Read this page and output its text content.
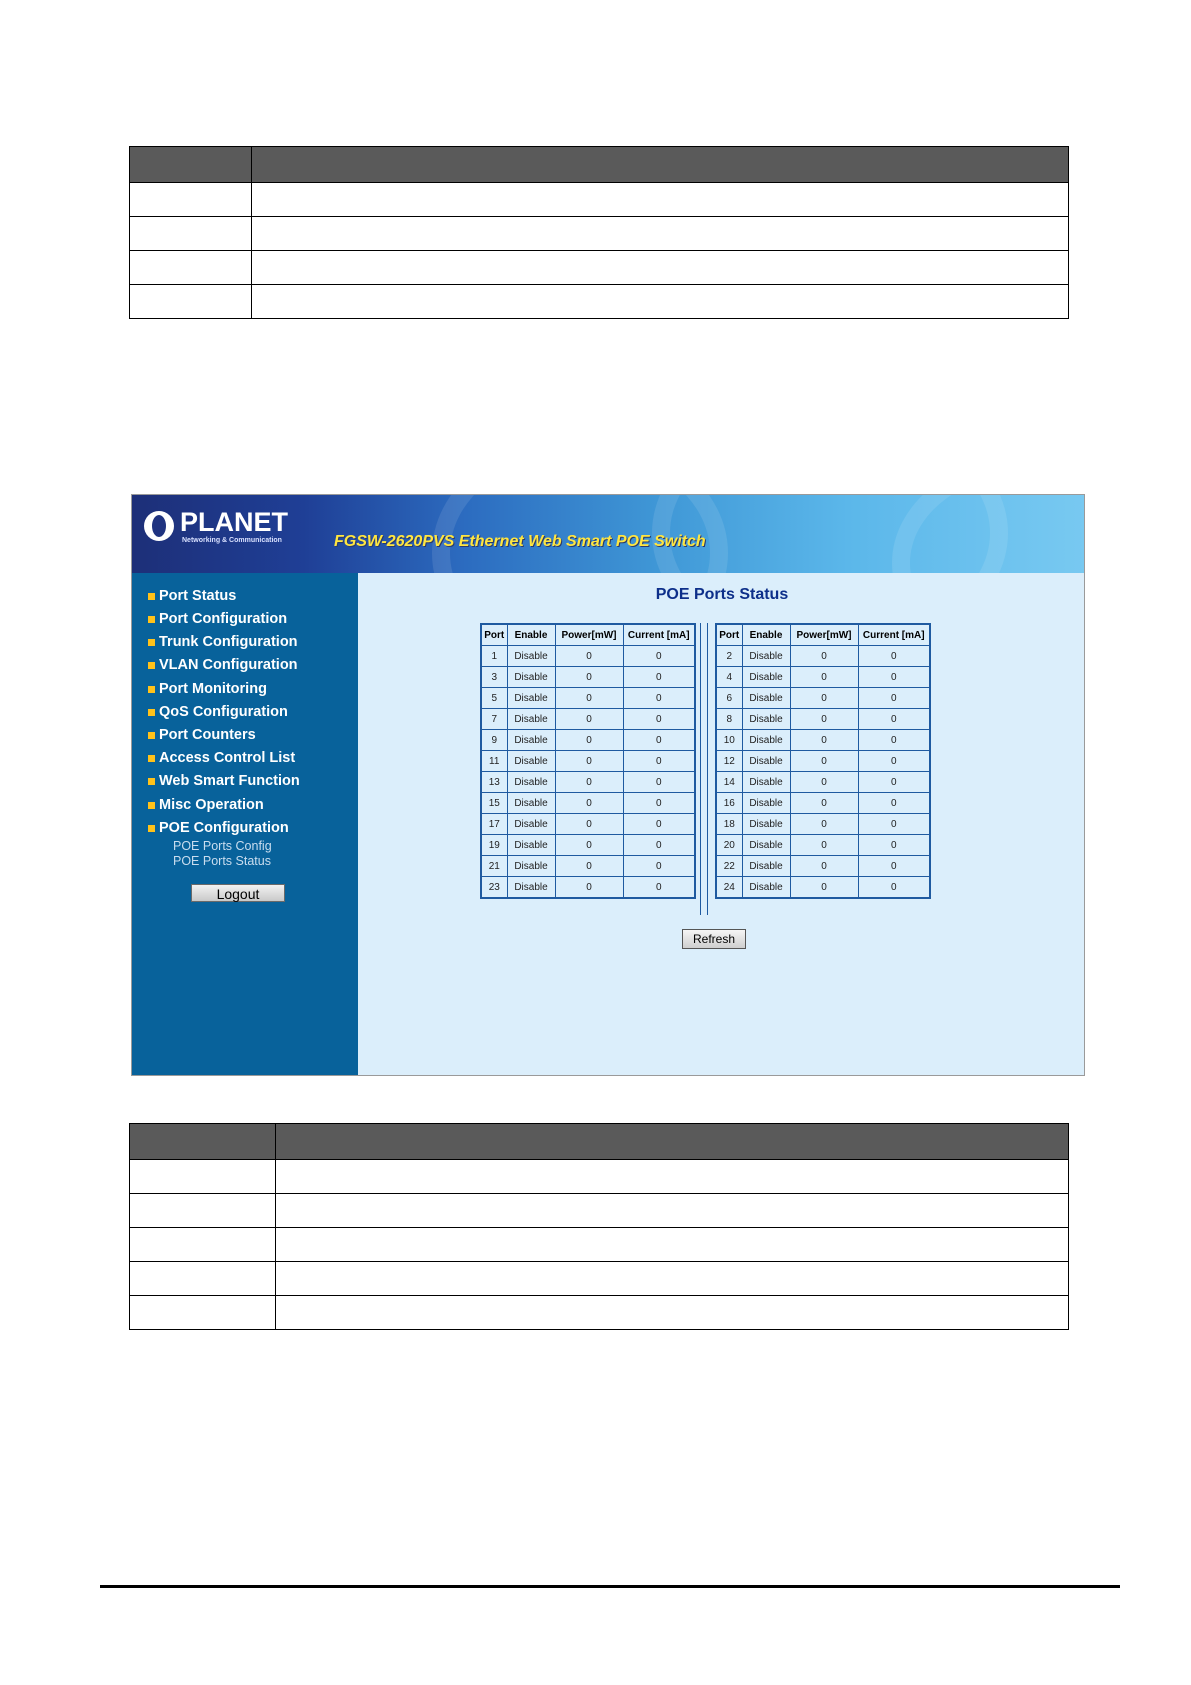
PLANET
Networking & Communication	FGSW-2620PVS Ethernet Web Smart POE Switch
Port Status
Port Configuration
Trunk Configuration
VLAN Configuration
Port Monitoring
QoS Configuration
Port Counters
Access Control List
Web Smart Function
Misc Operation
POE Configuration
POE Ports Config
POE Ports Status
Logout
POE Ports Status
Port	Enable	Power[mW]	Current [mA]
1	Disable	0	0
3	Disable	0	0
5	Disable	0	0
7	Disable	0	0
9	Disable	0	0
11	Disable	0	0
13	Disable	0	0
15	Disable	0	0
17	Disable	0	0
19	Disable	0	0
21	Disable	0	0
23	Disable	0	0
Port	Enable	Power[mW]	Current [mA]
2	Disable	0	0
4	Disable	0	0
6	Disable	0	0
8	Disable	0	0
10	Disable	0	0
12	Disable	0	0
14	Disable	0	0
16	Disable	0	0
18	Disable	0	0
20	Disable	0	0
22	Disable	0	0
24	Disable	0	0
Refresh
